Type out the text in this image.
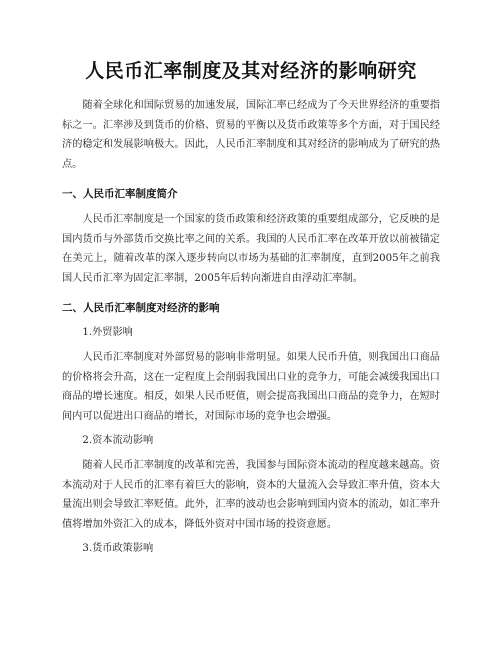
人民币汇率制度及其对经济的影响研究

随着全球化和国际贸易的加速发展，国际汇率已经成为了今天世界经济的重要指标之一。汇率涉及到货币的价格、贸易的平衡以及货币政策等多个方面，对于国民经济的稳定和发展影响极大。因此，人民币汇率制度和其对经济的影响成为了研究的热点。

一、人民币汇率制度简介

人民币汇率制度是一个国家的货币政策和经济政策的重要组成部分，它反映的是国内货币与外部货币交换比率之间的关系。我国的人民币汇率在改革开放以前被锚定在美元上，随着改革的深入逐步转向以市场为基础的汇率制度，直到2005年之前我国人民币汇率为固定汇率制，2005年后转向渐进自由浮动汇率制。

二、人民币汇率制度对经济的影响

1.外贸影响

人民币汇率制度对外部贸易的影响非常明显。如果人民币升值，则我国出口商品的价格将会升高，这在一定程度上会削弱我国出口业的竞争力，可能会减缓我国出口商品的增长速度。相反，如果人民币贬值，则会提高我国出口商品的竞争力，在短时间内可以促进出口商品的增长，对国际市场的竞争也会增强。

2.资本流动影响

随着人民币汇率制度的改革和完善，我国参与国际资本流动的程度越来越高。资本流动对于人民币的汇率有着巨大的影响，资本的大量流入会导致汇率升值，资本大量流出则会导致汇率贬值。此外，汇率的波动也会影响到国内资本的流动，如汇率升值将增加外资汇入的成本，降低外资对中国市场的投资意愿。

3.货币政策影响
